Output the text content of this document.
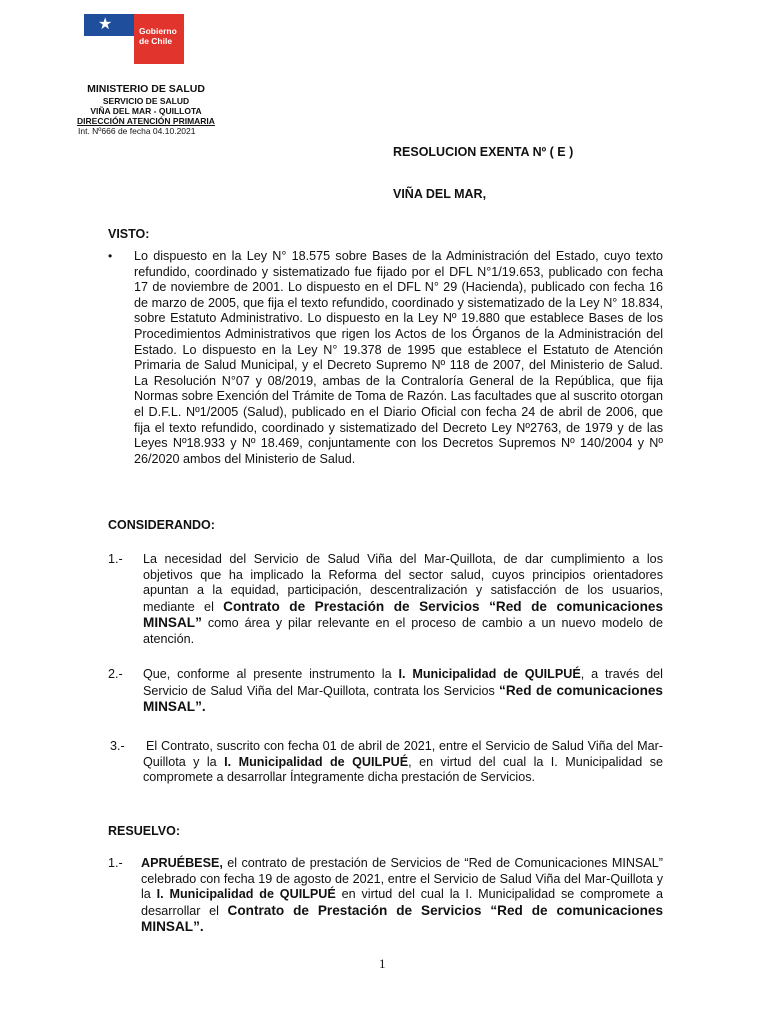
★	Gobierno
de Chile
MINISTERIO DE SALUD
SERVICIO DE SALUD
VIÑA DEL MAR - QUILLOTA
DIRECCIÓN ATENCIÓN PRIMARIA
Int. Nº666 de fecha 04.10.2021
RESOLUCION EXENTA Nº ( E )
VIÑA DEL MAR,
VISTO:
• Lo dispuesto en la Ley N° 18.575 sobre Bases de la Administración del Estado, cuyo texto refundido, coordinado y sistematizado fue fijado por el DFL N°1/19.653, publicado con fecha 17 de noviembre de 2001. Lo dispuesto en el DFL N° 29 (Hacienda), publicado con fecha 16 de marzo de 2005, que fija el texto refundido, coordinado y sistematizado de la Ley N° 18.834, sobre Estatuto Administrativo. Lo dispuesto en la Ley Nº 19.880 que establece Bases de los Procedimientos Administrativos que rigen los Actos de los Órganos de la Administración del Estado. Lo dispuesto en la Ley N° 19.378 de 1995 que establece el Estatuto de Atención Primaria de Salud Municipal, y el Decreto Supremo Nº 118 de 2007, del Ministerio de Salud. La Resolución N°07 y 08/2019, ambas de la Contraloría General de la República, que fija Normas sobre Exención del Trámite de Toma de Razón. Las facultades que al suscrito otorgan el D.F.L. Nº1/2005 (Salud), publicado en el Diario Oficial con fecha 24 de abril de 2006, que fija el texto refundido, coordinado y sistematizado del Decreto Ley Nº2763, de 1979 y de las Leyes Nº18.933 y Nº 18.469, conjuntamente con los Decretos Supremos Nº 140/2004 y Nº 26/2020 ambos del Ministerio de Salud.
CONSIDERANDO:
1.- La necesidad del Servicio de Salud Viña del Mar-Quillota, de dar cumplimiento a los objetivos que ha implicado la Reforma del sector salud, cuyos principios orientadores apuntan a la equidad, participación, descentralización y satisfacción de los usuarios, mediante el Contrato de Prestación de Servicios “Red de comunicaciones MINSAL” como área y pilar relevante en el proceso de cambio a un nuevo modelo de atención.
2.- Que, conforme al presente instrumento la I. Municipalidad de QUILPUÉ, a través del Servicio de Salud Viña del Mar-Quillota, contrata los Servicios “Red de comunicaciones MINSAL”.
3.- El Contrato, suscrito con fecha 01 de abril de 2021, entre el Servicio de Salud Viña del Mar-Quillota y la I. Municipalidad de QUILPUÉ, en virtud del cual la I. Municipalidad se compromete a desarrollar Íntegramente dicha prestación de Servicios.
RESUELVO:
1.- APRUÉBESE, el contrato de prestación de Servicios de “Red de Comunicaciones MINSAL” celebrado con fecha 19 de agosto de 2021, entre el Servicio de Salud Viña del Mar-Quillota y la I. Municipalidad de QUILPUÉ en virtud del cual la I. Municipalidad se compromete a desarrollar el Contrato de Prestación de Servicios “Red de comunicaciones MINSAL”.
1
